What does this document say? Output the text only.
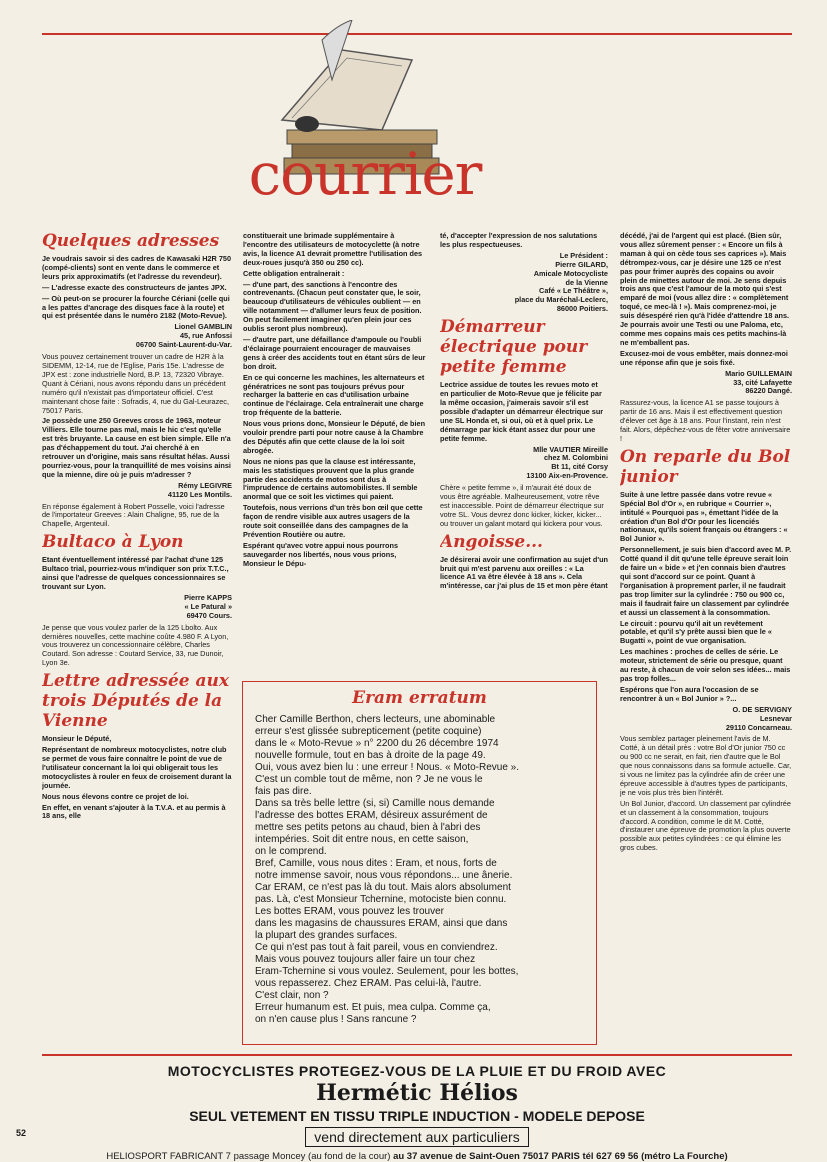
courrier
Quelques adresses

Je voudrais savoir si des cadres de Kawasaki H2R 750 (compé-clients) sont en vente dans le commerce et leurs prix approximatifs (et l'adresse du revendeur).

— L'adresse exacte des constructeurs de jantes JPX.

— Où peut-on se procurer la fourche Cériani (celle qui a les pattes d'ancrage des disques face à la route) et qui est présentée dans le numéro 2182 (Moto-Revue).

Lionel GAMBLIN
45, rue Anfossi
06700 Saint-Laurent-du-Var.

Vous pouvez certainement trouver un cadre de H2R à la SIDEMM, 12-14, rue de l'Eglise, Paris 15e. L'adresse de JPX est : zone industrielle Nord, B.P. 13, 72320 Vibraye. Quant à Cériani, nous avons répondu dans un précédent numéro qu'il n'existait pas d'importateur officiel. C'est maintenant chose faite : Sofradis, 4, rue du Gal-Leurazec, 75017 Paris.

Je possède une 250 Greeves cross de 1963, moteur Villiers. Elle tourne pas mal, mais le hic c'est qu'elle est très bruyante. La cause en est bien simple. Elle n'a pas d'échappement du tout. J'ai cherché à en retrouver un d'origine, mais sans résultat hélas. Aussi pourriez-vous, pour la tranquillité de mes voisins ainsi que la mienne, dire où je puis m'adresser ?

Rémy LEGIVRE
41120 Les Montils.

En réponse également à Robert Posselle, voici l'adresse de l'importateur Greeves : Alain Chaligne, 95, rue de la Chapelle, Argenteuil.

Bultaco à Lyon

Etant éventuellement intéressé par l'achat d'une 125 Bultaco trial, pourriez-vous m'indiquer son prix T.T.C., ainsi que l'adresse de quelques concessionnaires se trouvant sur Lyon.

Pierre KAPPS
« Le Patural »
69470 Cours.

Je pense que vous voulez parler de la 125 Lbolto. Aux dernières nouvelles, cette machine coûte 4.980 F. A Lyon, vous trouverez un concessionnaire célèbre, Charles Coutard. Son adresse : Coutard Service, 33, rue Dunoir, Lyon 3e.

Lettre adressée aux trois Députés de la Vienne

Monsieur le Député,

Représentant de nombreux motocyclistes, notre club se permet de vous faire connaître le point de vue de l'utilisateur concernant la loi qui obligerait tous les motocyclistes à rouler en feux de croisement durant la journée.

Nous nous élevons contre ce projet de loi.

En effet, en venant s'ajouter à la T.V.A. et au permis à 18 ans, elle

constituerait une brimade supplémentaire à l'encontre des utilisateurs de motocyclette (à notre avis, la licence A1 devrait promettre l'utilisation des deux-roues jusqu'à 350 ou 250 cc).

Cette obligation entraînerait :

— d'une part, des sanctions à l'encontre des contrevenants. (Chacun peut constater que, le soir, beaucoup d'utilisateurs de véhicules oublient — en ville notamment — d'allumer leurs feux de position. On peut facilement imaginer qu'en plein jour ces oublis seront plus nombreux).

— d'autre part, une défaillance d'ampoule ou l'oubli d'éclairage pourraient encourager de mauvaises gens à créer des accidents tout en étant sûrs de leur bon droit.

En ce qui concerne les machines, les alternateurs et génératrices ne sont pas toujours prévus pour recharger la batterie en cas d'utilisation urbaine continue de l'éclairage. Cela entraînerait une charge trop fréquente de la batterie.

Nous vous prions donc, Monsieur le Député, de bien vouloir prendre parti pour notre cause à la Chambre des Députés afin que cette clause de la loi soit abrogée.

Nous ne nions pas que la clause est intéressante, mais les statistiques prouvent que la plus grande partie des accidents de motos sont dus à l'imprudence de certains automobilistes. Il semble anormal que ce soit les victimes qui paient.

Toutefois, nous verrions d'un très bon œil que cette façon de rendre visible aux autres usagers de la route soit conseillée dans des campagnes de la Prévention Routière ou autre.

Espérant qu'avec votre appui nous pourrons sauvegarder nos libertés, nous vous prions, Monsieur le Dépu-

té, d'accepter l'expression de nos salutations les plus respectueuses.

Le Président :
Pierre GILARD,
Amicale Motocycliste
de la Vienne
Café « Le Théâtre »,
place du Maréchal-Leclerc,
86000 Poitiers.
Démarreur électrique pour petite femme

Lectrice assidue de toutes les revues moto et en particulier de Moto-Revue que je félicite par la même occasion, j'aimerais savoir s'il est possible d'adapter un démarreur électrique sur une SL Honda et, si oui, où et à quel prix. Le démarrage par kick étant assez dur pour une petite femme.

Mlle VAUTIER Mireille
chez M. Colombini
Bt 11, cité Corsy
13100 Aix-en-Provence.

Chère « petite femme », il m'aurait été doux de vous être agréable. Malheureusement, votre rêve est inaccessible. Point de démarreur électrique sur votre SL. Vous devrez donc kicker, kicker, kicker... ou trouver un galant motard qui kickera pour vous.

Angoisse...

Je désirerai avoir une confirmation au sujet d'un bruit qui m'est parvenu aux oreilles : « La licence A1 va être élevée à 18 ans ». Cela m'intéresse, car j'ai plus de 15 et mon père étant

décédé, j'ai de l'argent qui est placé. (Bien sûr, vous allez sûrement penser : « Encore un fils à maman à qui on cède tous ses caprices »). Mais détrompez-vous, car je désire une 125 ce n'est pas pour frimer auprès des copains ou avoir plein de minettes autour de moi. Je sens depuis trois ans que c'est l'amour de la moto qui s'est emparé de moi (vous allez dire : « complètement toqué, ce mec-là ! »). Mais comprenez-moi, je suis désespéré rien qu'à l'idée d'attendre 18 ans. Je pourrais avoir une Testi ou une Paloma, etc, comme mes copains mais ces petits machins-là ne m'emballent pas.

Excusez-moi de vous embêter, mais donnez-moi une réponse afin que je sois fixé.

Mario GUILLEMAIN
33, cité Lafayette
86220 Dangé.

Rassurez-vous, la licence A1 se passe toujours à partir de 16 ans. Mais il est effectivement question d'élever cet âge à 18 ans. Pour l'instant, rein n'est fait. Alors, dépêchez-vous de fêter votre anniversaire !

On reparle du Bol junior

Suite à une lettre passée dans votre revue « Spécial Bol d'Or », en rubrique « Courrier », intitulé « Pourquoi pas », émettant l'idée de la création d'un Bol d'Or pour les licenciés nationaux, qu'ils soient français ou étrangers : « Bol Junior ».

Personnellement, je suis bien d'accord avec M. P. Cotté quand il dit qu'une telle épreuve serait loin de faire un « bide » et j'en connais bien d'autres qui sont d'accord sur ce point. Quant à l'organisation à proprement parler, il ne faudrait pas trop limiter sur la cylindrée : 750 ou 900 cc, mais il faudrait faire un classement par cylindrée et aussi un classement à la consommation.

Le circuit : pourvu qu'il ait un revêtement potable, et qu'il s'y prête aussi bien que le « Bugatti », point de vue organisation.

Les machines : proches de celles de série. Le moteur, strictement de série ou presque, quant au reste, à chacun de voir selon ses idées... mais pas trop folles...

Espérons que l'on aura l'occasion de se rencontrer à un « Bol Junior » ?...

O. DE SERVIGNY
Lesnevar
29110 Concarneau.

Vous semblez partager pleinement l'avis de M. Cotté, à un détail près : votre Bol d'Or junior 750 cc ou 900 cc ne serait, en fait, rien d'autre que le Bol que nous connaissons dans sa formule actuelle. Car, si vous ne limitez pas la cylindrée afin de créer une épreuve accessible à d'autres types de participants, je ne vois plus très bien l'intérêt.

Un Bol Junior, d'accord. Un classement par cylindrée et un classement à la consommation, toujours d'accord. A condition, comme le dit M. Cotté, d'instaurer une épreuve de promotion la plus ouverte possible aux petites cylindrées : ce qui élimine les gros cubes.

Eram erratum

Cher Camille Berthon, chers lecteurs, une abominable

erreur s'est glissée subrepticement (petite coquine)

dans le « Moto-Revue » n° 2200 du 26 décembre 1974

nouvelle formule, tout en bas à droite de la page 49.

Oui, vous avez bien lu : une erreur ! Nous. « Moto-Revue ».

C'est un comble tout de même, non ? Je ne vous le

fais pas dire.

Dans sa très belle lettre (si, si) Camille nous demande

l'adresse des bottes ERAM, désireux assurément de

mettre ses petits petons au chaud, bien à l'abri des

intempéries. Soit dit entre nous, en cette saison,

on le comprend.

Bref, Camille, vous nous dites : Eram, et nous, forts de

notre immense savoir, nous vous répondons... une ânerie.

Car ERAM, ce n'est pas là du tout. Mais alors absolument

pas. Là, c'est Monsieur Tchernine, motociste bien connu.

Les bottes ERAM, vous pouvez les trouver

dans les magasins de chaussures ERAM, ainsi que dans

la plupart des grandes surfaces.

Ce qui n'est pas tout à fait pareil, vous en conviendrez.

Mais vous pouvez toujours aller faire un tour chez

Eram-Tchernine si vous voulez. Seulement, pour les bottes,

vous repasserez. Chez ERAM. Pas celui-là, l'autre.

C'est clair, non ?

Erreur humanum est. Et puis, mea culpa. Comme ça,

on n'en cause plus ! Sans rancune ?

MOTOCYCLISTES PROTEGEZ-VOUS DE LA PLUIE ET DU FROID AVEC
Hermétic Hélios
SEUL VETEMENT EN TISSU TRIPLE INDUCTION - MODELE DEPOSE
vend directement aux particuliers
HELIOSPORT FABRICANT 7 passage Moncey (au fond de la cour) au 37 avenue de Saint-Ouen 75017 PARIS tél 627 69 56 (métro La Fourche)
52
